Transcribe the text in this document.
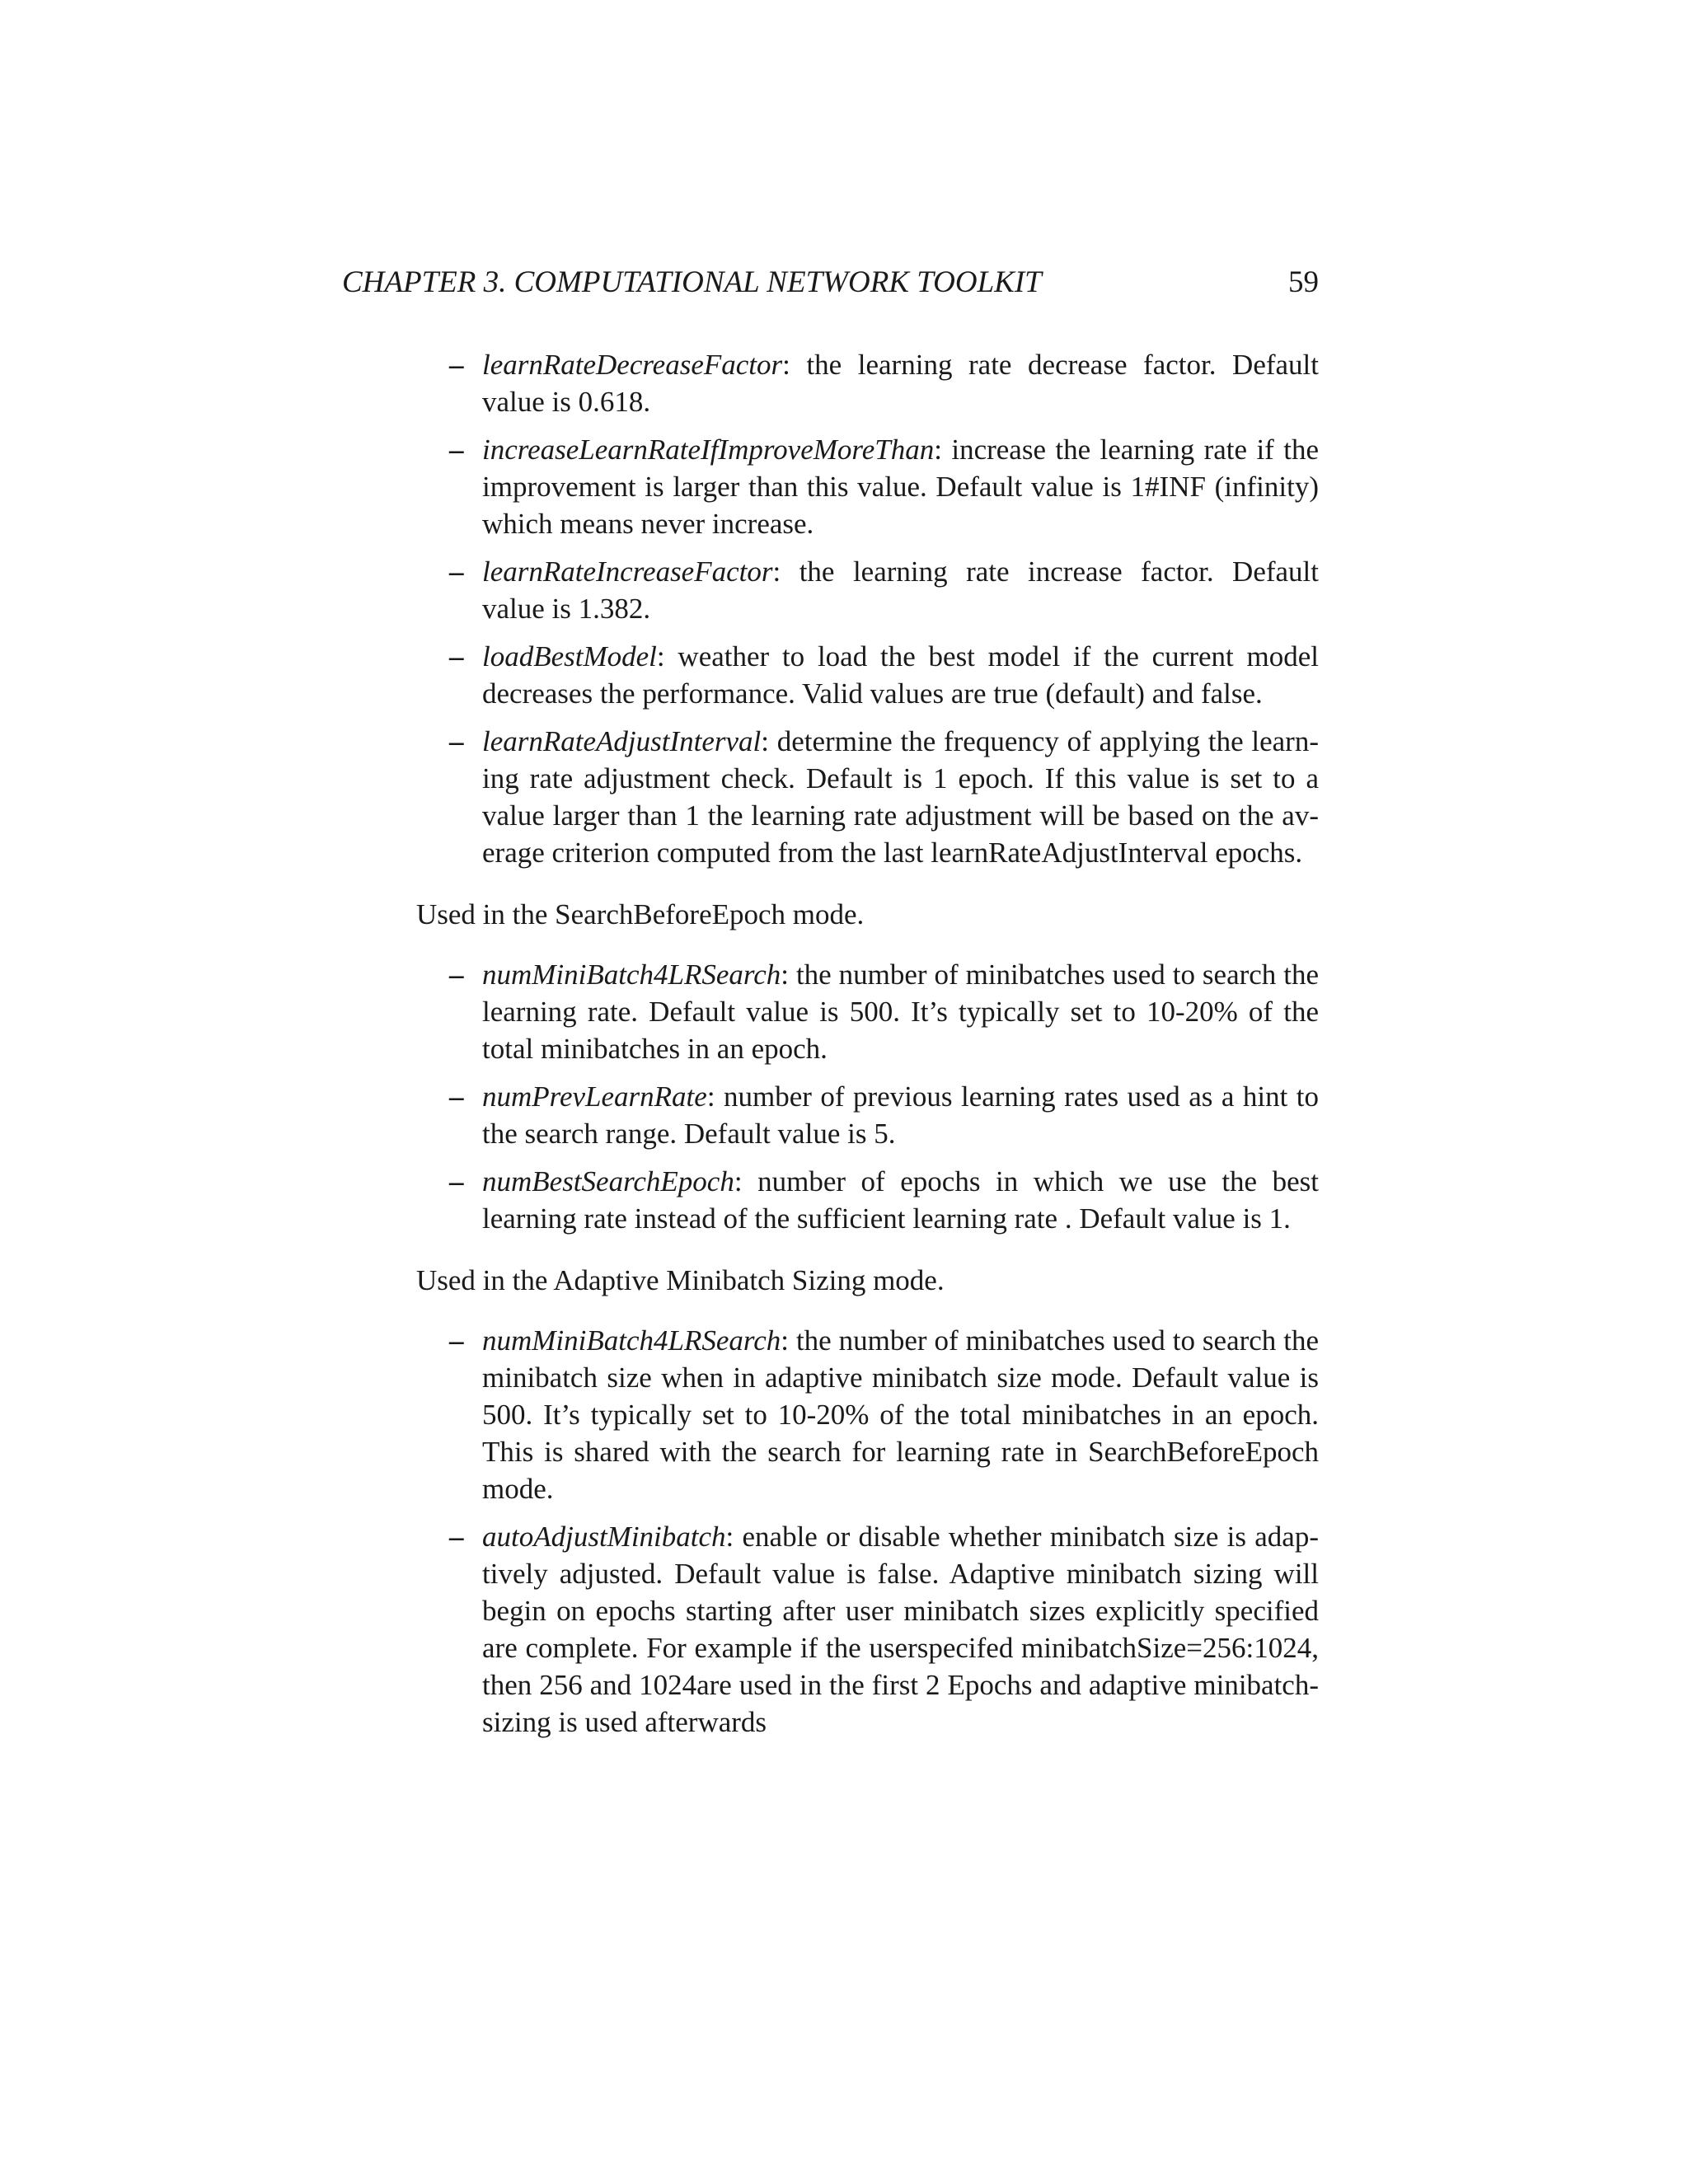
CHAPTER 3. COMPUTATIONAL NETWORK TOOLKIT	59
– learnRateDecreaseFactor: the learning rate decrease factor. Default value is 0.618.
– increaseLearnRateIfImproveMoreThan: increase the learning rate if the improvement is larger than this value. Default value is 1#INF (infinity) which means never increase.
– learnRateIncreaseFactor: the learning rate increase factor. Default value is 1.382.
– loadBestModel: weather to load the best model if the current model decreases the performance. Valid values are true (default) and false.
– learnRateAdjustInterval: determine the frequency of applying the learning rate adjustment check. Default is 1 epoch. If this value is set to a value larger than 1 the learning rate adjustment will be based on the average criterion computed from the last learnRateAdjustInterval epochs.

Used in the SearchBeforeEpoch mode.

– numMiniBatch4LRSearch: the number of minibatches used to search the learning rate. Default value is 500. It’s typically set to 10-20% of the total minibatches in an epoch.
– numPrevLearnRate: number of previous learning rates used as a hint to the search range. Default value is 5.
– numBestSearchEpoch: number of epochs in which we use the best learning rate instead of the sufficient learning rate . Default value is 1.

Used in the Adaptive Minibatch Sizing mode.

– numMiniBatch4LRSearch: the number of minibatches used to search the minibatch size when in adaptive minibatch size mode. Default value is 500. It’s typically set to 10-20% of the total minibatches in an epoch. This is shared with the search for learning rate in SearchBeforeEpoch mode.
– autoAdjustMinibatch: enable or disable whether minibatch size is adaptively adjusted. Default value is false. Adaptive minibatch sizing will begin on epochs starting after user minibatch sizes explicitly specified are complete. For example if the userspecifed minibatchSize=256:1024, then 256 and 1024are used in the first 2 Epochs and adaptive minibatchsizing is used afterwards
